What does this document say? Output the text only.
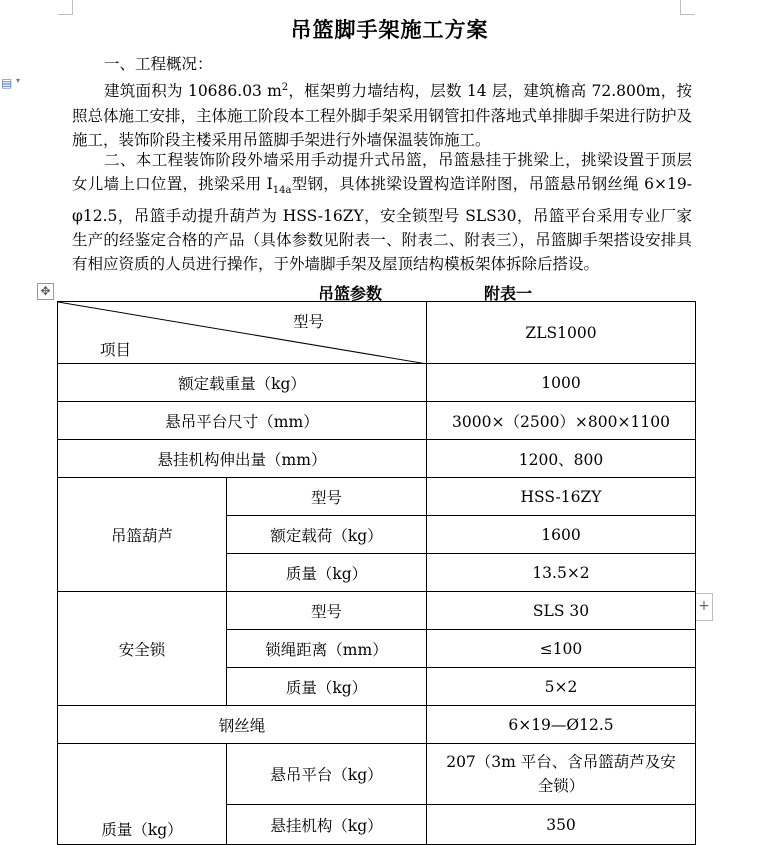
▤ ▾
吊篮脚手架施工方案

一、工程概况：

建筑面积为 10686.03 $m^2$，框架剪力墙结构，层数 14 层，建筑檐高 72.800m，按照总体施工安排，主体施工阶段本工程外脚手架采用钢管扣件落地式单排脚手架进行防护及施工，装饰阶段主楼采用吊篮脚手架进行外墙保温装饰施工。

二、本工程装饰阶段外墙采用手动提升式吊篮，吊篮悬挂于挑梁上，挑梁设置于顶层女儿墙上口位置，挑梁采用 $I_{14a}$型钢，具体挑梁设置构造详附图，吊篮悬吊钢丝绳 6×19-φ12.5，吊篮手动提升葫芦为 HSS-16ZY，安全锁型号 SLS30，吊篮平台采用专业厂家生产的经鉴定合格的产品（具体参数见附表一、附表二、附表三），吊篮脚手架搭设安排具有相应资质的人员进行操作，于外墙脚手架及屋顶结构模板架体拆除后搭设。

✥	吊篮参数	附表一
+
型号
项目		ZLS1000
额定载重量（kg）		1000
悬吊平台尺寸（mm）		3000×（2500）×800×1100
悬挂机构伸出量（mm）		1200、800
吊篮葫芦	型号	HSS-16ZY
	额定载荷（kg）	1600
	质量（kg）	13.5×2
安全锁	型号	SLS 30
	锁绳距离（mm）	≤100
	质量（kg）	5×2
钢丝绳		6×19—Ø12.5
质量（kg）	悬吊平台（kg）	207（3m 平台、含吊篮葫芦及安全锁）
	悬挂机构（kg）	350
